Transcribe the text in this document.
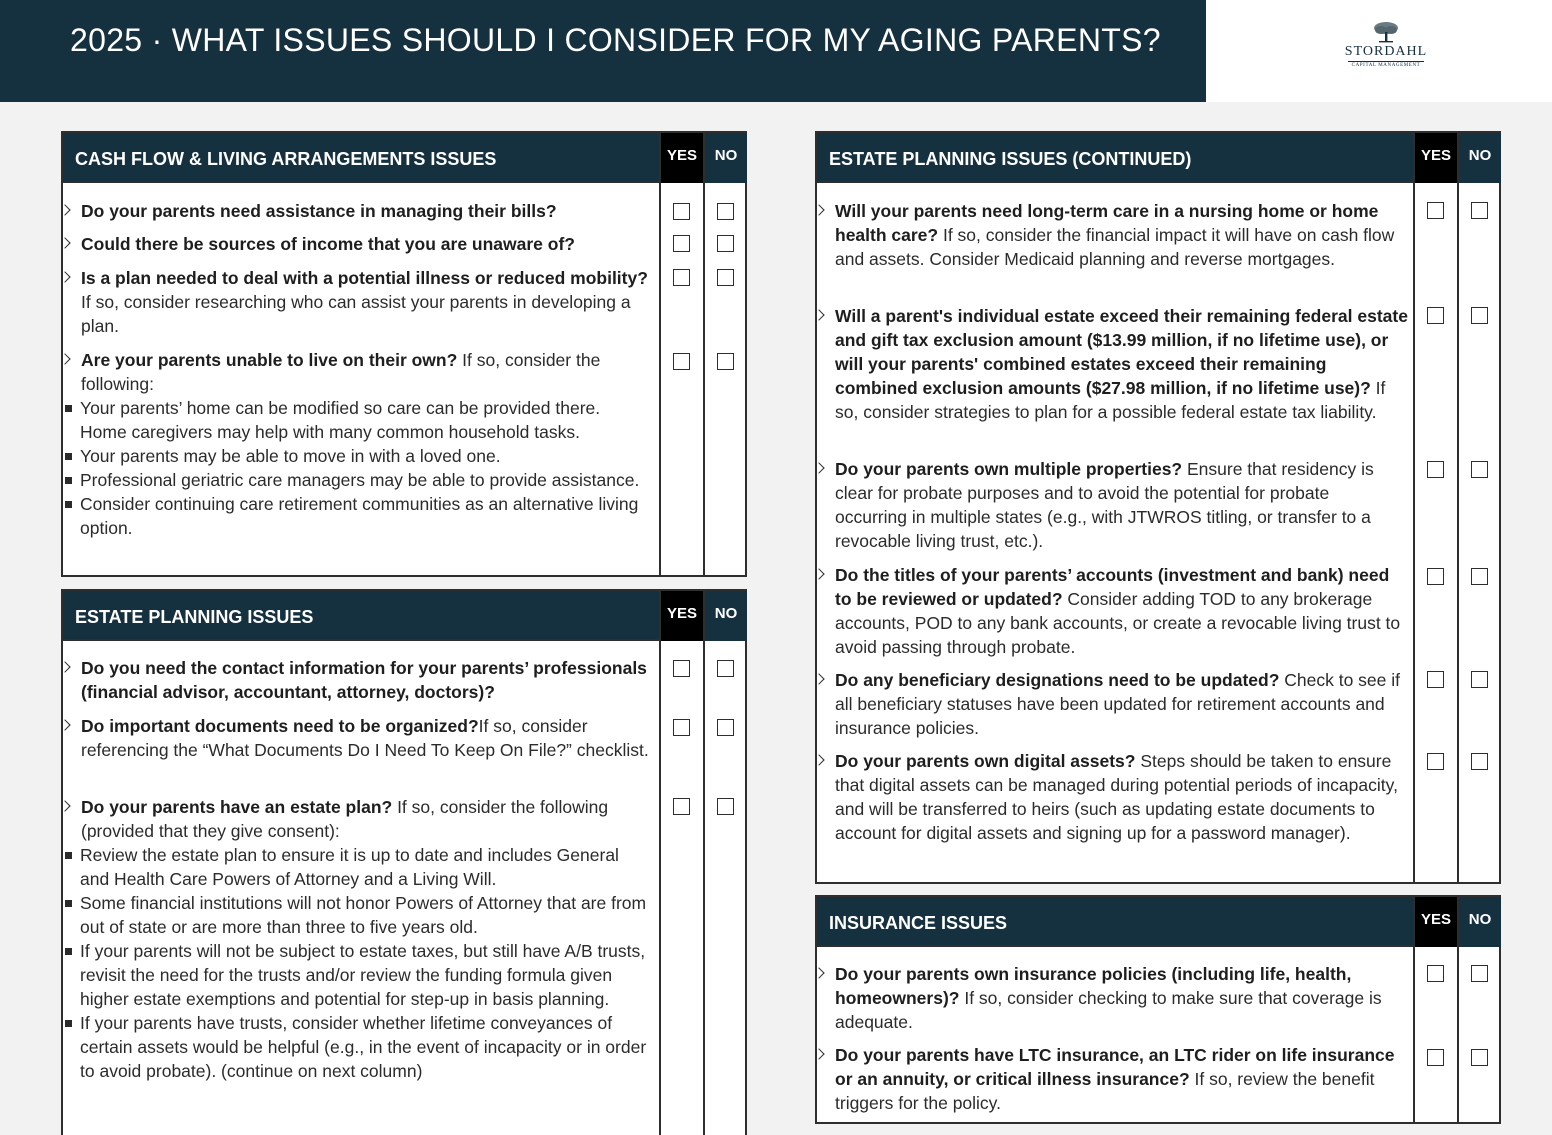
2025 · WHAT ISSUES SHOULD I CONSIDER FOR MY AGING PARENTS?	STORDAHL
CAPITAL MANAGEMENT
CASH FLOW & LIVING ARRANGEMENTS ISSUES	YES	NO
Do your parents need assistance in managing their bills?
Could there be sources of income that you are unaware of?
Is a plan needed to deal with a potential illness or reduced mobility? If so, consider researching who can assist your parents in developing a plan.
Are your parents unable to live on their own? If so, consider the following:
Your parents’ home can be modified so care can be provided there. Home caregivers may help with many common household tasks.
Your parents may be able to move in with a loved one.
Professional geriatric care managers may be able to provide assistance.
Consider continuing care retirement communities as an alternative living option.
ESTATE PLANNING ISSUES	YES	NO
Do you need the contact information for your parents’ professionals (financial advisor, accountant, attorney, doctors)?
Do important documents need to be organized?If so, consider referencing the “What Documents Do I Need To Keep On File?” checklist.
Do your parents have an estate plan? If so, consider the following (provided that they give consent):
Review the estate plan to ensure it is up to date and includes General and Health Care Powers of Attorney and a Living Will.
Some financial institutions will not honor Powers of Attorney that are from out of state or are more than three to five years old.
If your parents will not be subject to estate taxes, but still have A/B trusts, revisit the need for the trusts and/or review the funding formula given higher estate exemptions and potential for step-up in basis planning.
If your parents have trusts, consider whether lifetime conveyances of certain assets would be helpful (e.g., in the event of incapacity or in order to avoid probate). (continue on next column)
ESTATE PLANNING ISSUES (CONTINUED)	YES	NO
Will your parents need long-term care in a nursing home or home health care? If so, consider the financial impact it will have on cash flow and assets. Consider Medicaid planning and reverse mortgages.
Will a parent's individual estate exceed their remaining federal estate and gift tax exclusion amount ($13.99 million, if no lifetime use), or will your parents' combined estates exceed their remaining combined exclusion amounts ($27.98 million, if no lifetime use)? If so, consider strategies to plan for a possible federal estate tax liability.
Do your parents own multiple properties? Ensure that residency is clear for probate purposes and to avoid the potential for probate occurring in multiple states (e.g., with JTWROS titling, or transfer to a revocable living trust, etc.).
Do the titles of your parents’ accounts (investment and bank) need to be reviewed or updated? Consider adding TOD to any brokerage accounts, POD to any bank accounts, or create a revocable living trust to avoid passing through probate.
Do any beneficiary designations need to be updated? Check to see if all beneficiary statuses have been updated for retirement accounts and insurance policies.
Do your parents own digital assets? Steps should be taken to ensure that digital assets can be managed during potential periods of incapacity, and will be transferred to heirs (such as updating estate documents to account for digital assets and signing up for a password manager).
INSURANCE ISSUES	YES	NO
Do your parents own insurance policies (including life, health, homeowners)? If so, consider checking to make sure that coverage is adequate.
Do your parents have LTC insurance, an LTC rider on life insurance or an annuity, or critical illness insurance? If so, review the benefit triggers for the policy.
